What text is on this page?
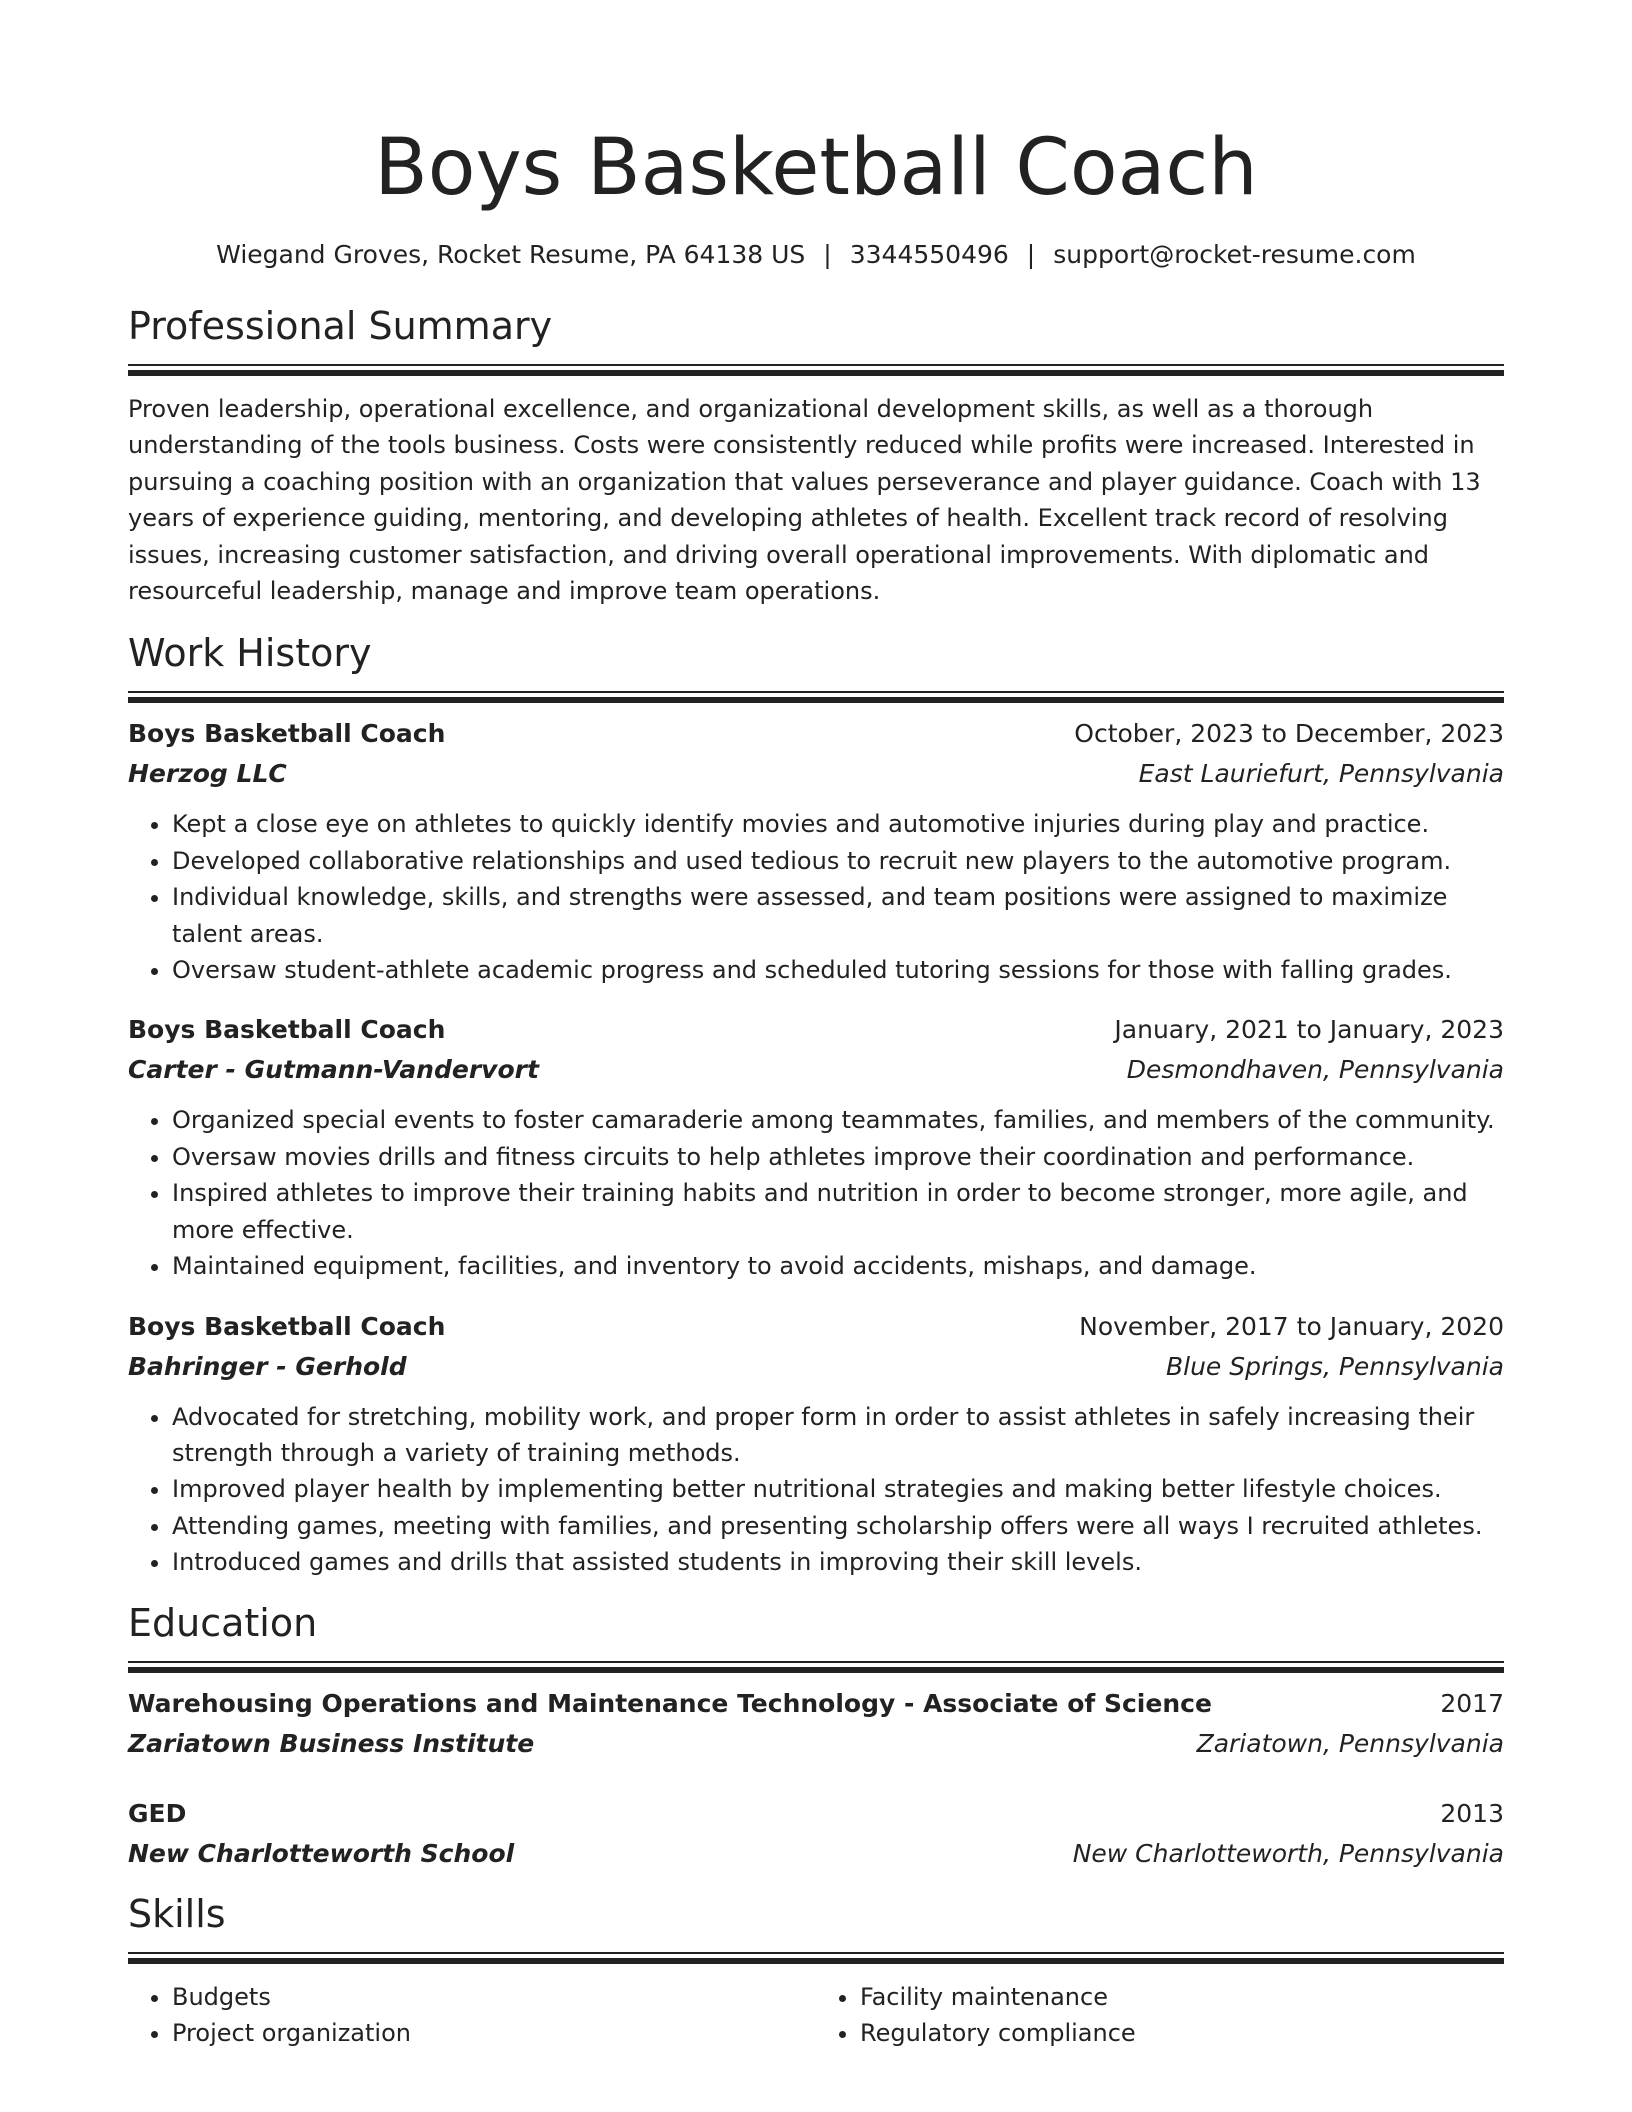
Boys Basketball Coach
Wiegand Groves, Rocket Resume, PA 64138 US | 3344550496 | support@rocket-resume.com
Professional Summary
Proven leadership, operational excellence, and organizational development skills, as well as a thorough understanding of the tools business. Costs were consistently reduced while profits were increased. Interested in pursuing a coaching position with an organization that values perseverance and player guidance. Coach with 13 years of experience guiding, mentoring, and developing athletes of health. Excellent track record of resolving issues, increasing customer satisfaction, and driving overall operational improvements. With diplomatic and resourceful leadership, manage and improve team operations.
Work History
Boys Basketball Coach	October, 2023 to December, 2023
Herzog LLC	East Lauriefurt, Pennsylvania
• Kept a close eye on athletes to quickly identify movies and automotive injuries during play and practice.
• Developed collaborative relationships and used tedious to recruit new players to the automotive program.
• Individual knowledge, skills, and strengths were assessed, and team positions were assigned to maximize talent areas.
• Oversaw student-athlete academic progress and scheduled tutoring sessions for those with falling grades.
Boys Basketball Coach	January, 2021 to January, 2023
Carter - Gutmann-Vandervort	Desmondhaven, Pennsylvania
• Organized special events to foster camaraderie among teammates, families, and members of the community.
• Oversaw movies drills and fitness circuits to help athletes improve their coordination and performance.
• Inspired athletes to improve their training habits and nutrition in order to become stronger, more agile, and more effective.
• Maintained equipment, facilities, and inventory to avoid accidents, mishaps, and damage.
Boys Basketball Coach	November, 2017 to January, 2020
Bahringer - Gerhold	Blue Springs, Pennsylvania
• Advocated for stretching, mobility work, and proper form in order to assist athletes in safely increasing their strength through a variety of training methods.
• Improved player health by implementing better nutritional strategies and making better lifestyle choices.
• Attending games, meeting with families, and presenting scholarship offers were all ways I recruited athletes.
• Introduced games and drills that assisted students in improving their skill levels.
Education
Warehousing Operations and Maintenance Technology - Associate of Science	2017
Zariatown Business Institute	Zariatown, Pennsylvania
GED	2013
New Charlotteworth School	New Charlotteworth, Pennsylvania
Skills
• Budgets
• Project organization
• Facility maintenance
• Regulatory compliance
